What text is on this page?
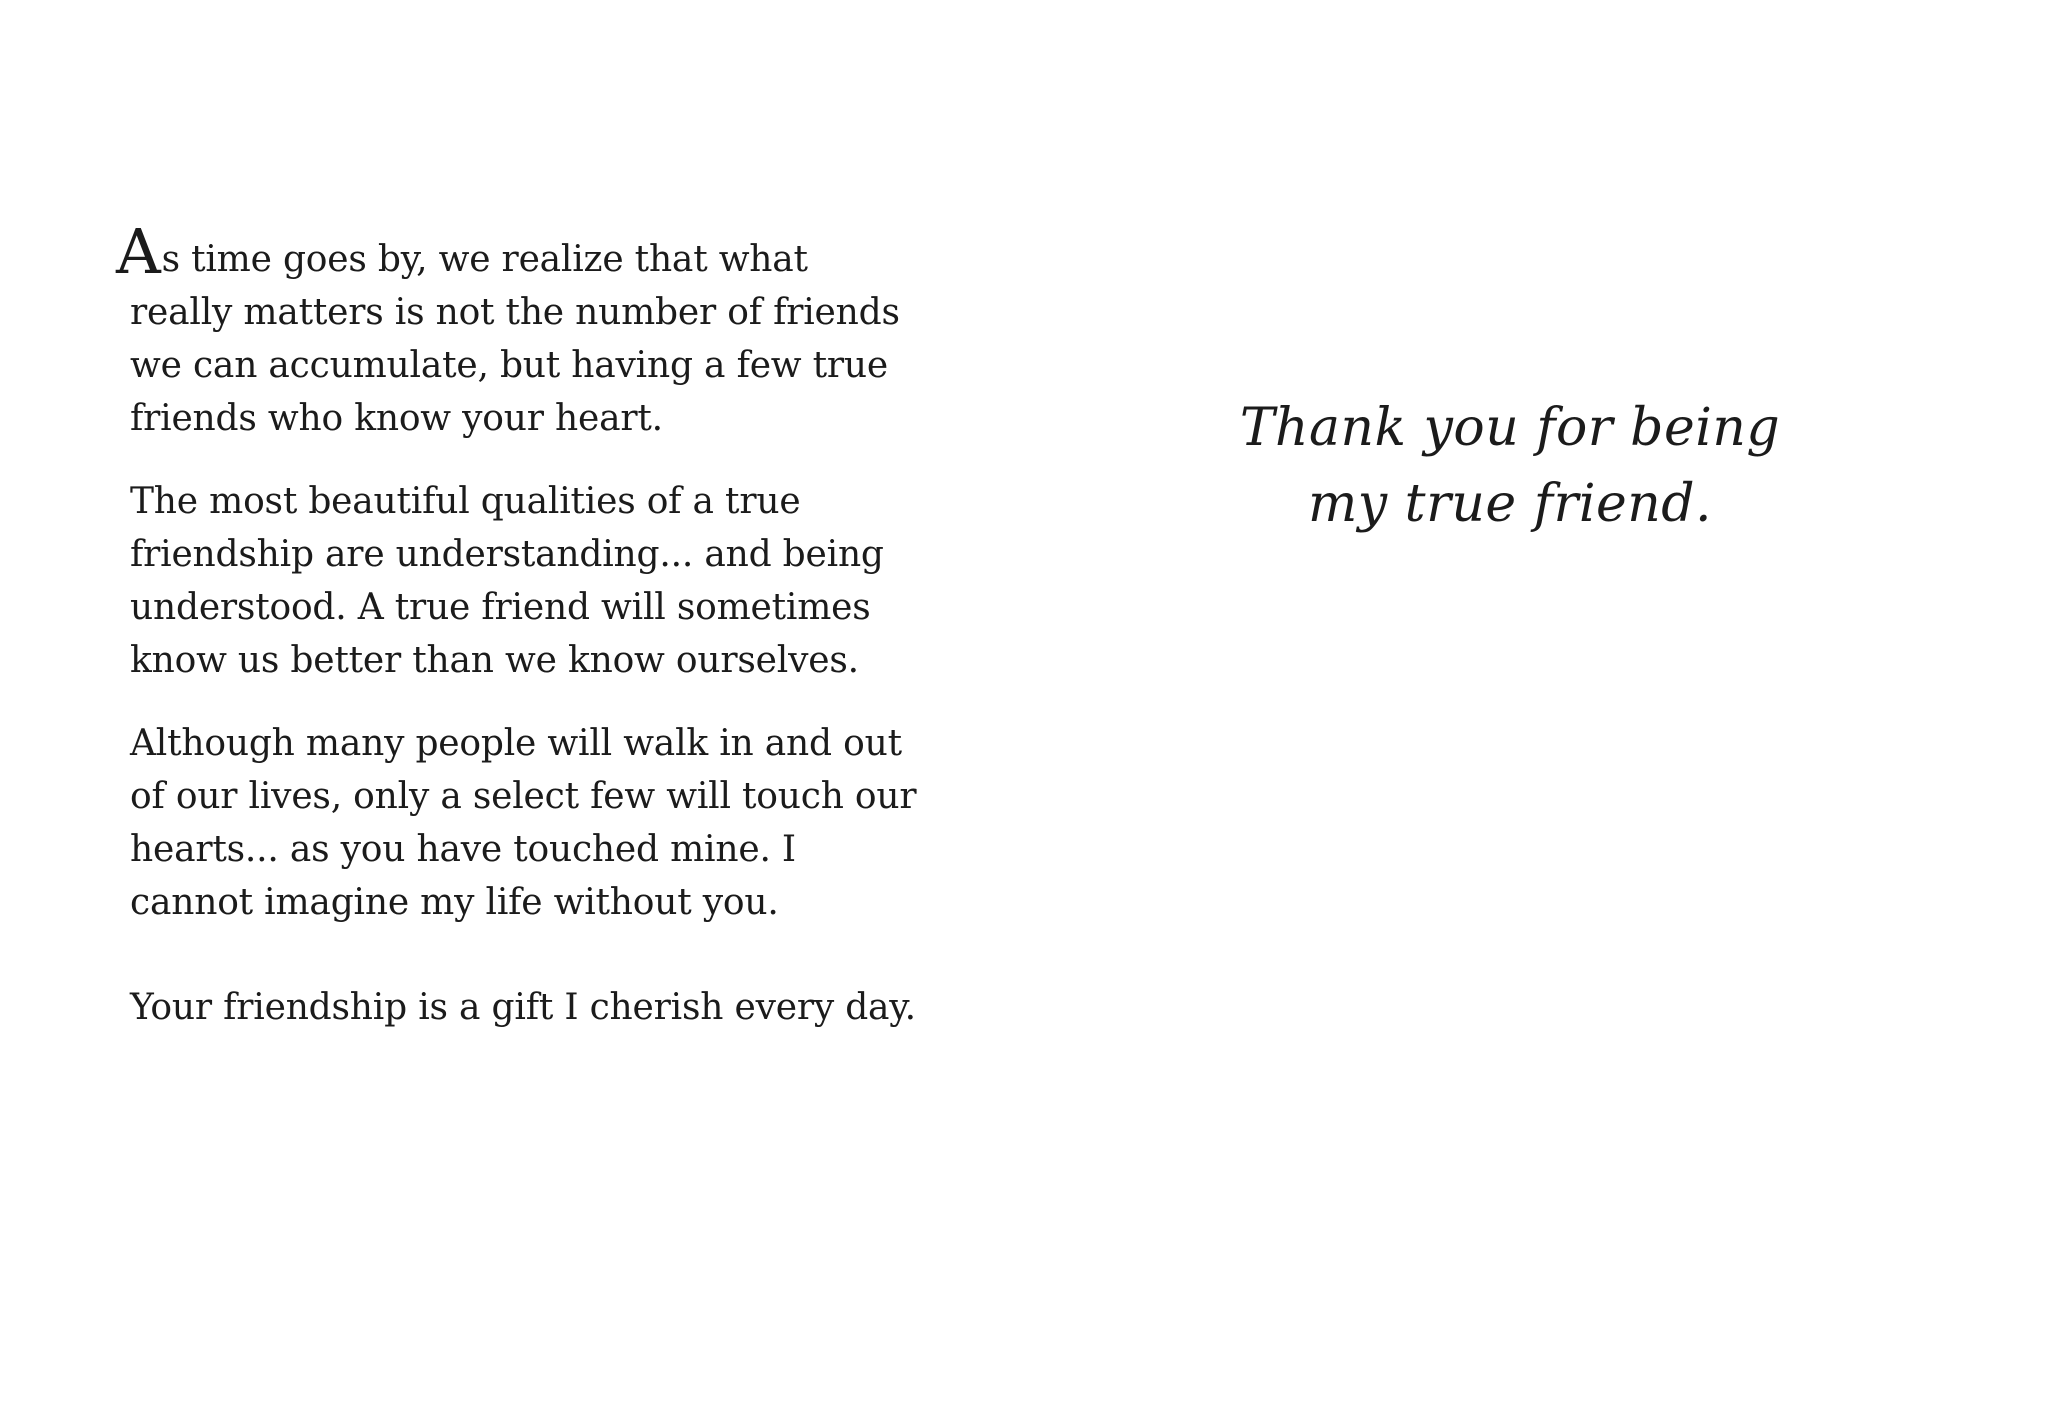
As time goes by, we realize that what really matters is not the number of friends we can accumulate, but having a few true friends who know your heart.

The most beautiful qualities of a true friendship are understanding... and being understood. A true friend will sometimes know us better than we know ourselves.

Although many people will walk in and out of our lives, only a select few will touch our hearts... as you have touched mine. I cannot imagine my life without you.

Your friendship is a gift I cherish every day.

Thank you for being
my true friend.
